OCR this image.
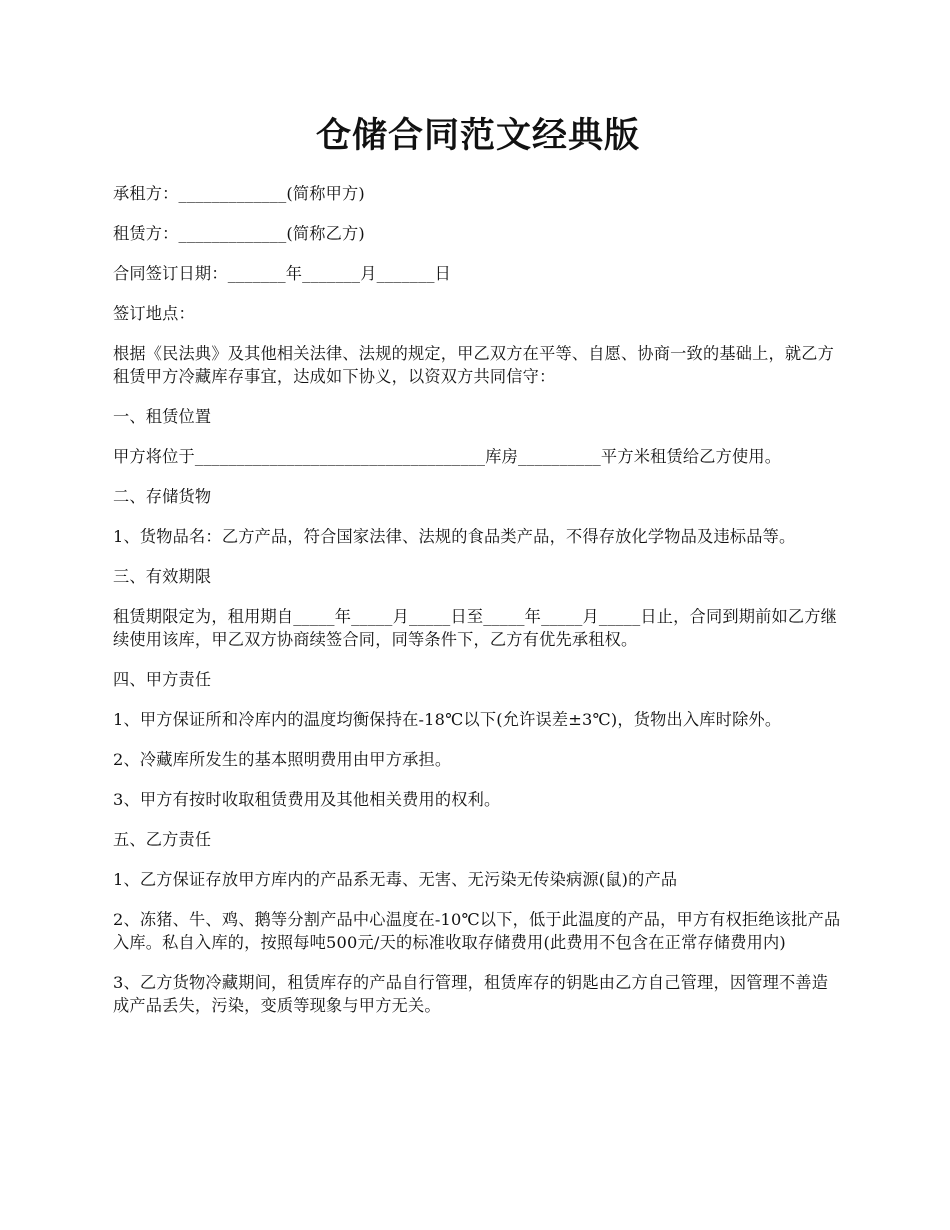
仓储合同范文经典版

承租方：_____________(简称甲方)

租赁方：_____________(简称乙方)

合同签订日期：_______年_______月_______日

签订地点：

根据《民法典》及其他相关法律、法规的规定，甲乙双方在平等、自愿、协商一致的基础上，就乙方租赁甲方冷藏库存事宜，达成如下协义，以资双方共同信守：

一、租赁位置

甲方将位于___________________________________库房__________平方米租赁给乙方使用。

二、存储货物

1、货物品名：乙方产品，符合国家法律、法规的食品类产品，不得存放化学物品及违标品等。

三、有效期限

租赁期限定为，租用期自_____年_____月_____日至_____年_____月_____日止，合同到期前如乙方继续使用该库，甲乙双方协商续签合同，同等条件下，乙方有优先承租权。

四、甲方责任

1、甲方保证所和冷库内的温度均衡保持在-18℃以下(允许误差±3℃)，货物出入库时除外。

2、冷藏库所发生的基本照明费用由甲方承担。

3、甲方有按时收取租赁费用及其他相关费用的权利。

五、乙方责任

1、乙方保证存放甲方库内的产品系无毒、无害、无污染无传染病源(鼠)的产品

2、冻猪、牛、鸡、鹅等分割产品中心温度在-10℃以下，低于此温度的产品，甲方有权拒绝该批产品入库。私自入库的，按照每吨500元/天的标准收取存储费用(此费用不包含在正常存储费用内)

3、乙方货物冷藏期间，租赁库存的产品自行管理，租赁库存的钥匙由乙方自己管理，因管理不善造成产品丢失，污染，变质等现象与甲方无关。
